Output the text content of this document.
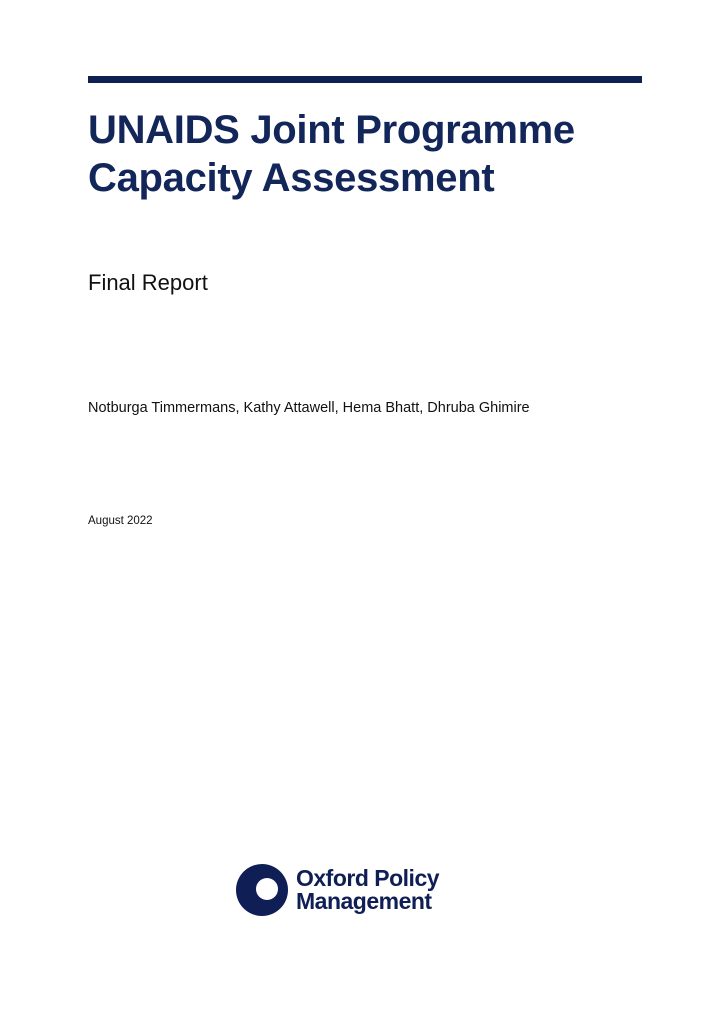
UNAIDS Joint Programme
Capacity Assessment
Final Report
Notburga Timmermans, Kathy Attawell, Hema Bhatt, Dhruba Ghimire
August 2022
Oxford Policy
Management
